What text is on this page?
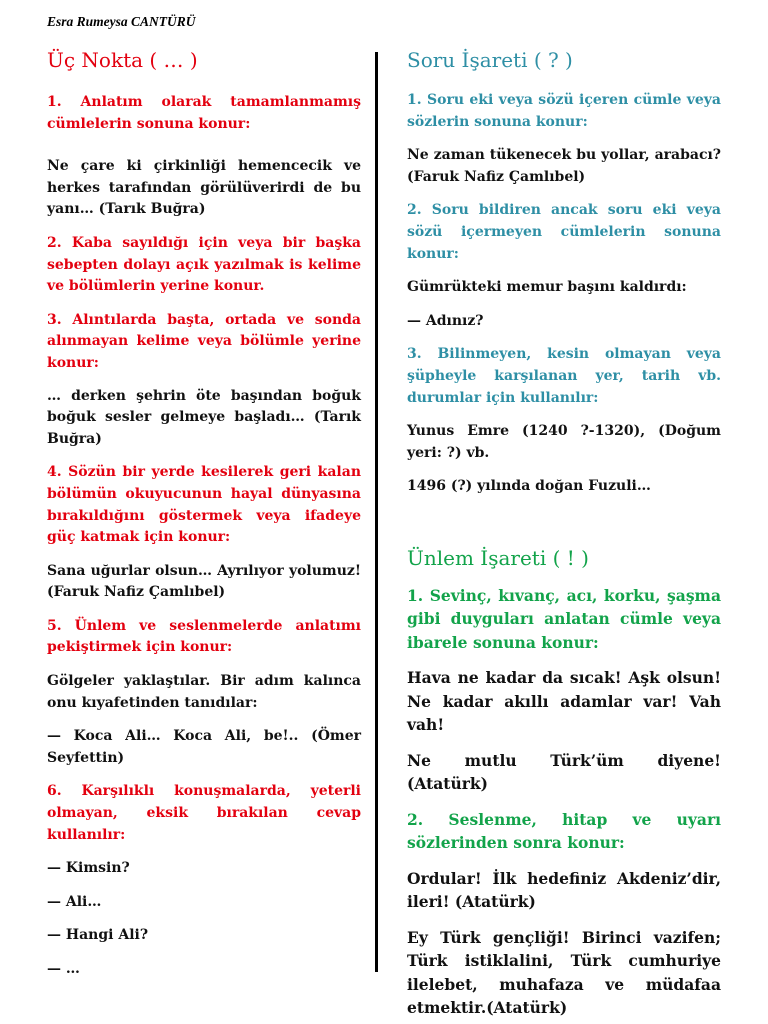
Esra Rumeysa CANTÜRÜ
Üç Nokta ( … )

1. Anlatım olarak tamamlanmamış cümlelerin sonuna konur:

Ne çare ki çirkinliği hemencecik ve herkes tarafından görülüverirdi de bu yanı… (Tarık Buğra)

2. Kaba sayıldığı için veya bir başka sebepten dolayı açık yazılmak is kelime ve bölümlerin yerine konur.

3. Alıntılarda başta, ortada ve sonda alınmayan kelime veya bölümle yerine konur:

… derken şehrin öte başından boğuk boğuk sesler gelmeye başladı… (Tarık Buğra)

4. Sözün bir yerde kesilerek geri kalan bölümün okuyucunun hayal dünyasına bırakıldığını göstermek veya ifadeye güç katmak için konur:

Sana uğurlar olsun… Ayrılıyor yolumuz! (Faruk Nafiz Çamlıbel)

5. Ünlem ve seslenmelerde anlatımı pekiştirmek için konur:

Gölgeler yaklaştılar. Bir adım kalınca onu kıyafetinden tanıdılar:

— Koca Ali… Koca Ali, be!.. (Ömer Seyfettin)

6. Karşılıklı konuşmalarda, yeterli olmayan, eksik bırakılan cevap kullanılır:

— Kimsin?

— Ali…

— Hangi Ali?

— …

Soru İşareti ( ? )

1. Soru eki veya sözü içeren cümle veya sözlerin sonuna konur:

Ne zaman tükenecek bu yollar, arabacı? (Faruk Nafiz Çamlıbel)

2. Soru bildiren ancak soru eki veya sözü içermeyen cümlelerin sonuna konur:

Gümrükteki memur başını kaldırdı:

— Adınız?

3. Bilinmeyen, kesin olmayan veya şüpheyle karşılanan yer, tarih vb. durumlar için kullanılır:

Yunus Emre (1240 ?-1320), (Doğum yeri: ?) vb.

1496 (?) yılında doğan Fuzuli…

Ünlem İşareti ( ! )

1. Sevinç, kıvanç, acı, korku, şaşma gibi duyguları anlatan cümle veya ibarele sonuna konur:

Hava ne kadar da sıcak! Aşk olsun! Ne kadar akıllı adamlar var! Vah vah!

Ne mutlu Türk’üm diyene! (Atatürk)

2. Seslenme, hitap ve uyarı sözlerinden sonra konur:

Ordular! İlk hedefiniz Akdeniz’dir, ileri! (Atatürk)

Ey Türk gençliği! Birinci vazifen; Türk istiklalini, Türk cumhuriye ilelebet, muhafaza ve müdafaa etmektir.(Atatürk)
